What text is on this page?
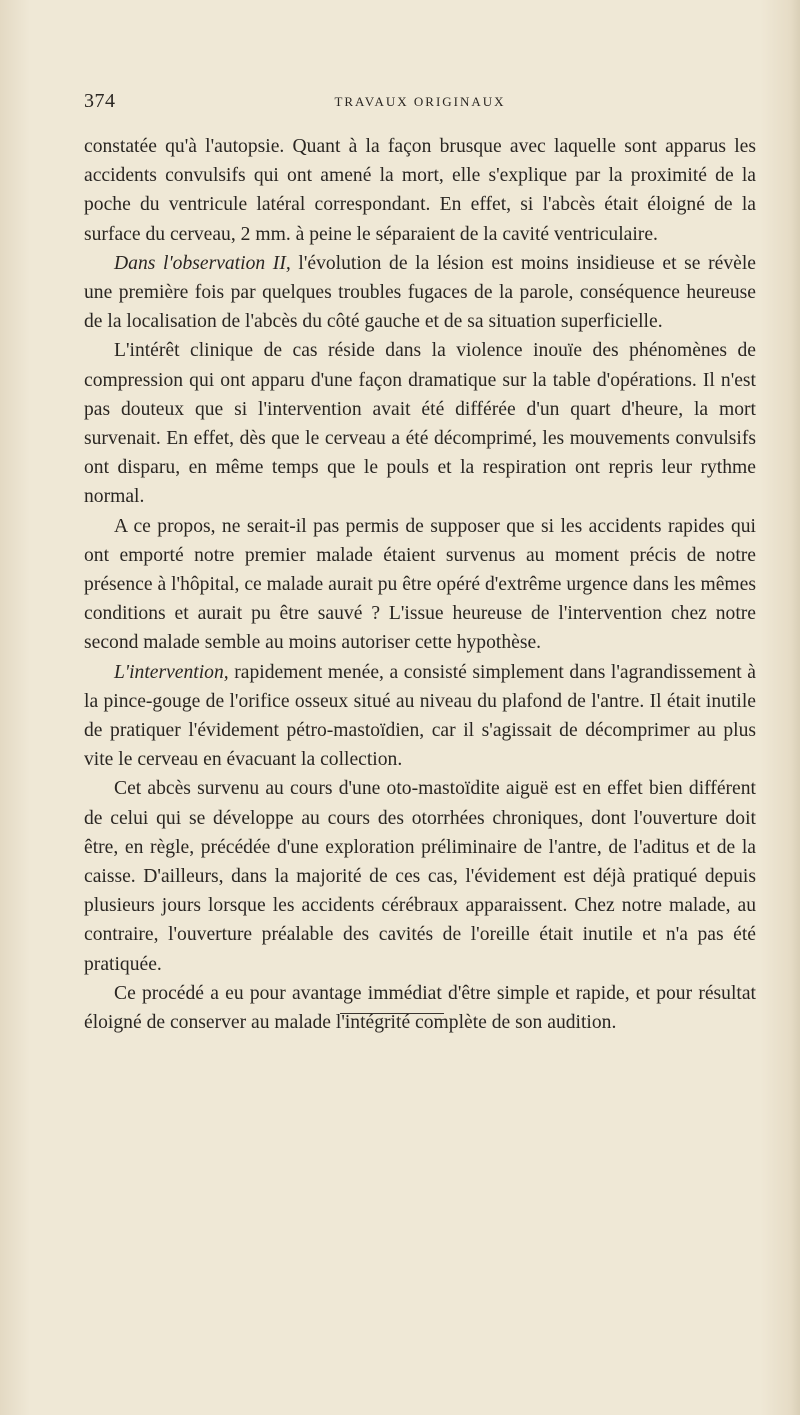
374	TRAVAUX ORIGINAUX

constatée qu'à l'autopsie. Quant à la façon brusque avec laquelle sont apparus les accidents convulsifs qui ont amené la mort, elle s'explique par la proximité de la poche du ventricule latéral correspondant. En effet, si l'abcès était éloigné de la surface du cerveau, 2 mm. à peine le séparaient de la cavité ventriculaire.

Dans l'observation II, l'évolution de la lésion est moins insidieuse et se révèle une première fois par quelques troubles fugaces de la parole, conséquence heureuse de la localisation de l'abcès du côté gauche et de sa situation superficielle.

L'intérêt clinique de cas réside dans la violence inouïe des phénomènes de compression qui ont apparu d'une façon dramatique sur la table d'opérations. Il n'est pas douteux que si l'intervention avait été différée d'un quart d'heure, la mort survenait. En effet, dès que le cerveau a été décomprimé, les mouvements convulsifs ont disparu, en même temps que le pouls et la respiration ont repris leur rythme normal.

A ce propos, ne serait-il pas permis de supposer que si les accidents rapides qui ont emporté notre premier malade étaient survenus au moment précis de notre présence à l'hôpital, ce malade aurait pu être opéré d'extrême urgence dans les mêmes conditions et aurait pu être sauvé ? L'issue heureuse de l'intervention chez notre second malade semble au moins autoriser cette hypothèse.

L'intervention, rapidement menée, a consisté simplement dans l'agrandissement à la pince-gouge de l'orifice osseux situé au niveau du plafond de l'antre. Il était inutile de pratiquer l'évidement pétro-mastoïdien, car il s'agissait de décomprimer au plus vite le cerveau en évacuant la collection.

Cet abcès survenu au cours d'une oto-mastoïdite aiguë est en effet bien différent de celui qui se développe au cours des otorrhées chroniques, dont l'ouverture doit être, en règle, précédée d'une exploration préliminaire de l'antre, de l'aditus et de la caisse. D'ailleurs, dans la majorité de ces cas, l'évidement est déjà pratiqué depuis plusieurs jours lorsque les accidents cérébraux apparaissent. Chez notre malade, au contraire, l'ouverture préalable des cavités de l'oreille était inutile et n'a pas été pratiquée.

Ce procédé a eu pour avantage immédiat d'être simple et rapide, et pour résultat éloigné de conserver au malade l'intégrité complète de son audition.
